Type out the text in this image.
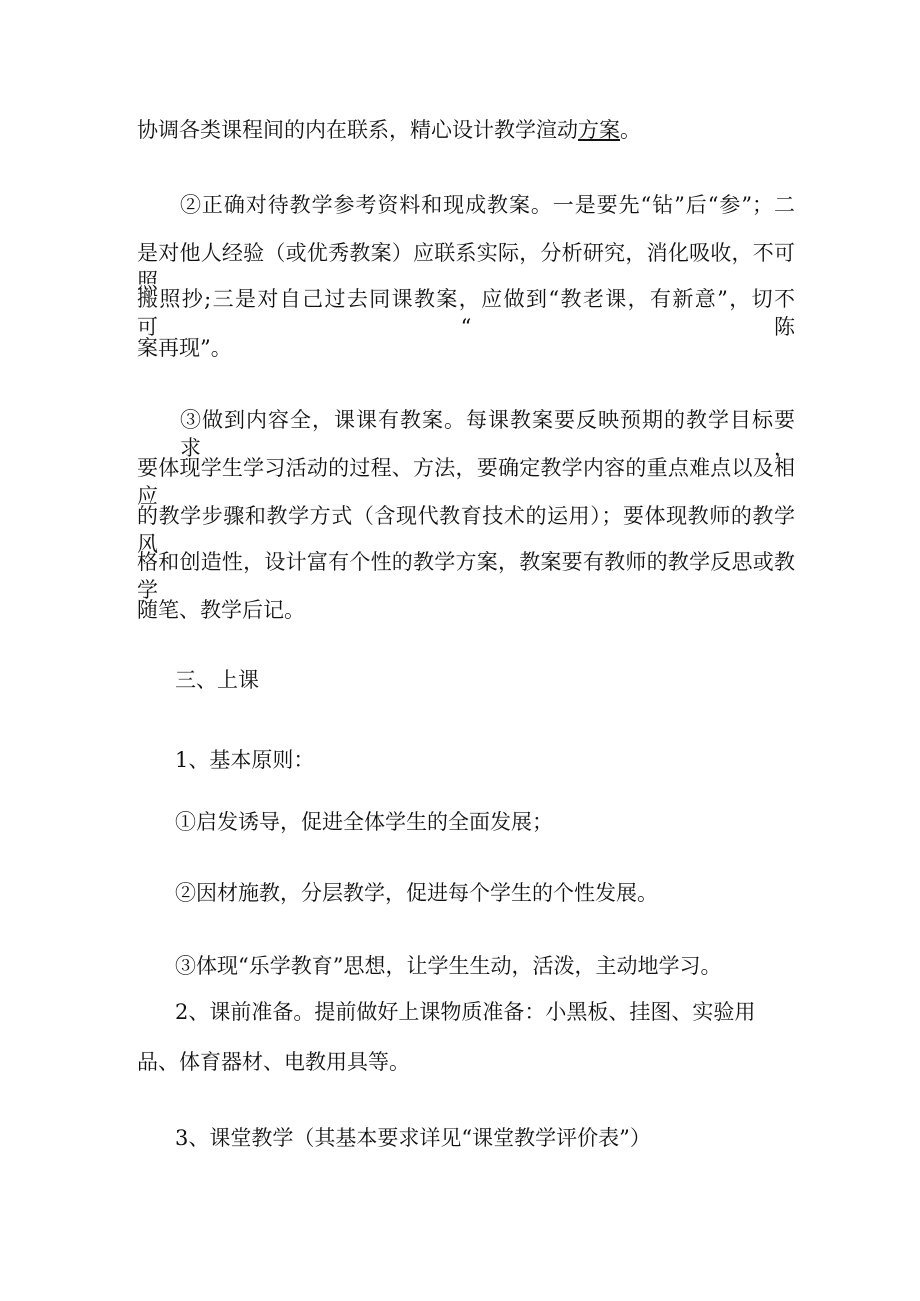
协调各类课程间的内在联系，精心设计教学渲动方案。
②正确对待教学参考资料和现成教案。一是要先“钻”后“参”；二
是对他人经验（或优秀教案）应联系实际，分析研究，消化吸收，不可照
搬照抄;三是对自己过去同课教案，应做到“教老课，有新意”，切不可“陈
案再现”。
③做到内容全，课课有教案。每课教案要反映预期的教学目标要求，
要体现学生学习活动的过程、方法，要确定教学内容的重点难点以及相应
的教学步骤和教学方式（含现代教育技术的运用）；要体现教师的教学风
格和创造性，设计富有个性的教学方案，教案要有教师的教学反思或教学
随笔、教学后记。
三、上课
1、基本原则：
①启发诱导，促进全体学生的全面发展；
②因材施教，分层教学，促进每个学生的个性发展。
③体现“乐学教育”思想，让学生生动，活泼，主动地学习。
2、课前准备。提前做好上课物质准备：小黑板、挂图、实验用
品、体育器材、电教用具等。
3、课堂教学（其基本要求详见“课堂教学评价表”）
